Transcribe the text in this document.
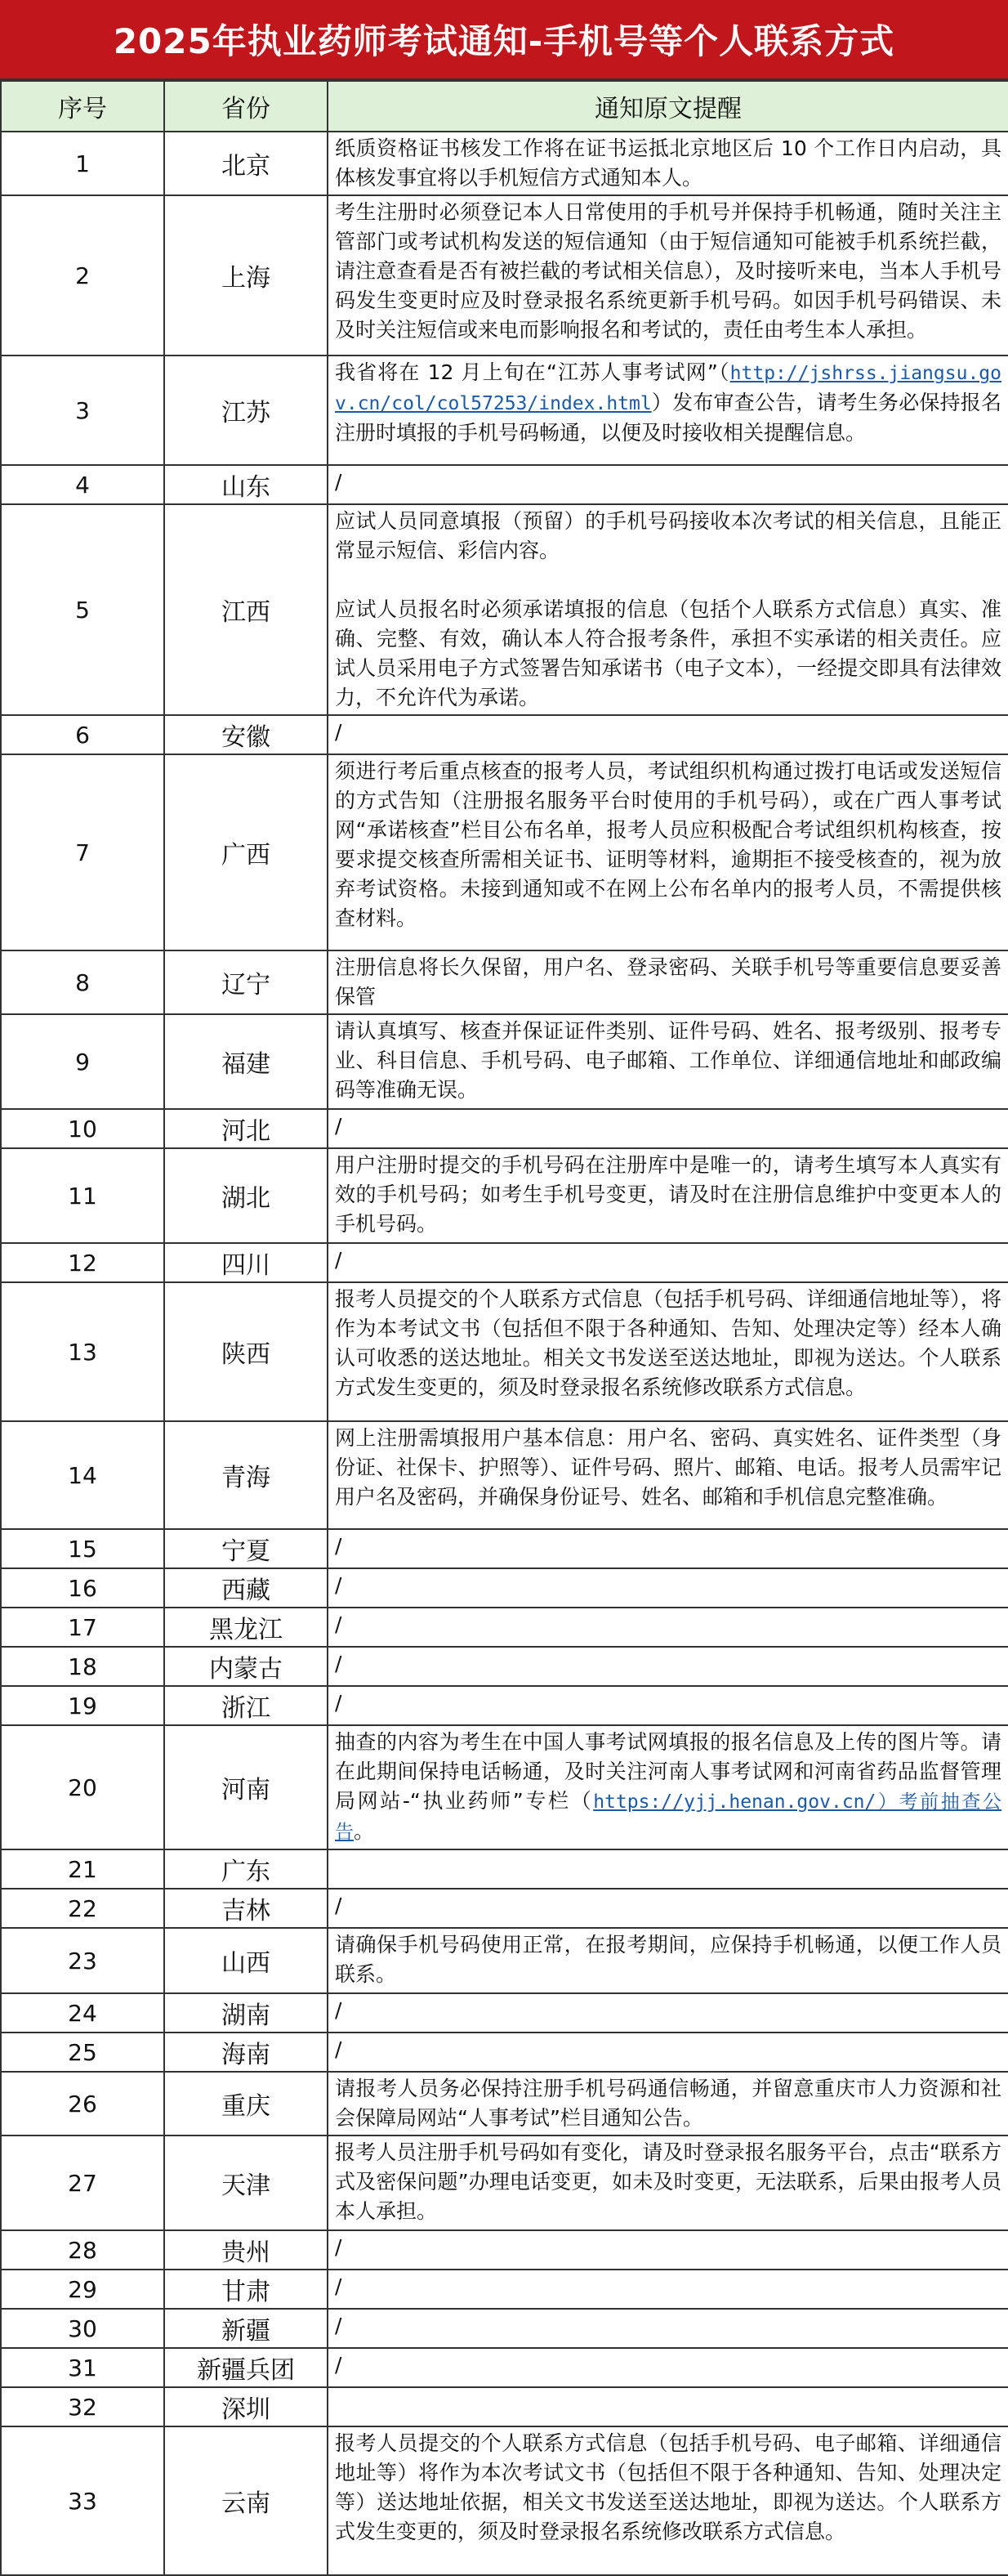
2025年执业药师考试通知-手机号等个人联系方式
序号	省份	通知原文提醒
1	北京	纸质资格证书核发工作将在证书运抵北京地区后 10 个工作日内启动，具体核发事宜将以手机短信方式通知本人。

2	上海	考生注册时必须登记本人日常使用的手机号并保持手机畅通，随时关注主管部门或考试机构发送的短信通知（由于短信通知可能被手机系统拦截，请注意查看是否有被拦截的考试相关信息），及时接听来电，当本人手机号码发生变更时应及时登录报名系统更新手机号码。如因手机号码错误、未及时关注短信或来电而影响报名和考试的，责任由考生本人承担。

3	江苏	我省将在 12 月上旬在“江苏人事考试网”（http://jshrss.jiangsu.gov.cn/col/col57253/index.html）发布审查公告，请考生务必保持报名注册时填报的手机号码畅通，以便及时接收相关提醒信息。
4	山东	/

5	江西	应试人员同意填报（预留）的手机号码接收本次考试的相关信息，且能正常显示短信、彩信内容。
应试人员报名时必须承诺填报的信息（包括个人联系方式信息）真实、准确、完整、有效，确认本人符合报考条件，承担不实承诺的相关责任。应试人员采用电子方式签署告知承诺书（电子文本），一经提交即具有法律效力，不允许代为承诺。

6	安徽	/

7	广西	须进行考后重点核查的报考人员，考试组织机构通过拨打电话或发送短信的方式告知（注册报名服务平台时使用的手机号码），或在广西人事考试网“承诺核查”栏目公布名单，报考人员应积极配合考试组织机构核查，按要求提交核查所需相关证书、证明等材料，逾期拒不接受核查的，视为放弃考试资格。未接到通知或不在网上公布名单内的报考人员，不需提供核查材料。

8	辽宁	注册信息将长久保留，用户名、登录密码、关联手机号等重要信息要妥善保管

9	福建	请认真填写、核查并保证证件类别、证件号码、姓名、报考级别、报考专业、科目信息、手机号码、电子邮箱、工作单位、详细通信地址和邮政编码等准确无误。

10	河北	/

11	湖北	用户注册时提交的手机号码在注册库中是唯一的，请考生填写本人真实有效的手机号码；如考生手机号变更，请及时在注册信息维护中变更本人的手机号码。

12	四川	/

13	陕西	报考人员提交的个人联系方式信息（包括手机号码、详细通信地址等），将作为本考试文书（包括但不限于各种通知、告知、处理决定等）经本人确认可收悉的送达地址。相关文书发送至送达地址，即视为送达。个人联系方式发生变更的，须及时登录报名系统修改联系方式信息。

14	青海	网上注册需填报用户基本信息：用户名、密码、真实姓名、证件类型（身份证、社保卡、护照等）、证件号码、照片、邮箱、电话。报考人员需牢记用户名及密码，并确保身份证号、姓名、邮箱和手机信息完整准确。

15	宁夏	/

16	西藏	/

17	黑龙江	/

18	内蒙古	/

19	浙江	/

20	河南	抽查的内容为考生在中国人事考试网填报的报名信息及上传的图片等。请在此期间保持电话畅通，及时关注河南人事考试网和河南省药品监督管理局网站-“执业药师”专栏（https://yjj.henan.gov.cn/）考前抽查公告。
21	广东	

22	吉林	/

23	山西	请确保手机号码使用正常，在报考期间，应保持手机畅通，以便工作人员联系。

24	湖南	/

25	海南	/

26	重庆	请报考人员务必保持注册手机号码通信畅通，并留意重庆市人力资源和社会保障局网站“人事考试”栏目通知公告。

27	天津	报考人员注册手机号码如有变化，请及时登录报名服务平台，点击“联系方式及密保问题”办理电话变更，如未及时变更，无法联系，后果由报考人员本人承担。

28	贵州	/

29	甘肃	/

30	新疆	/

31	新疆兵团	/

32	深圳	

33	云南	报考人员提交的个人联系方式信息（包括手机号码、电子邮箱、详细通信地址等）将作为本次考试文书（包括但不限于各种通知、告知、处理决定等）送达地址依据，相关文书发送至送达地址，即视为送达。个人联系方式发生变更的，须及时登录报名系统修改联系方式信息。
